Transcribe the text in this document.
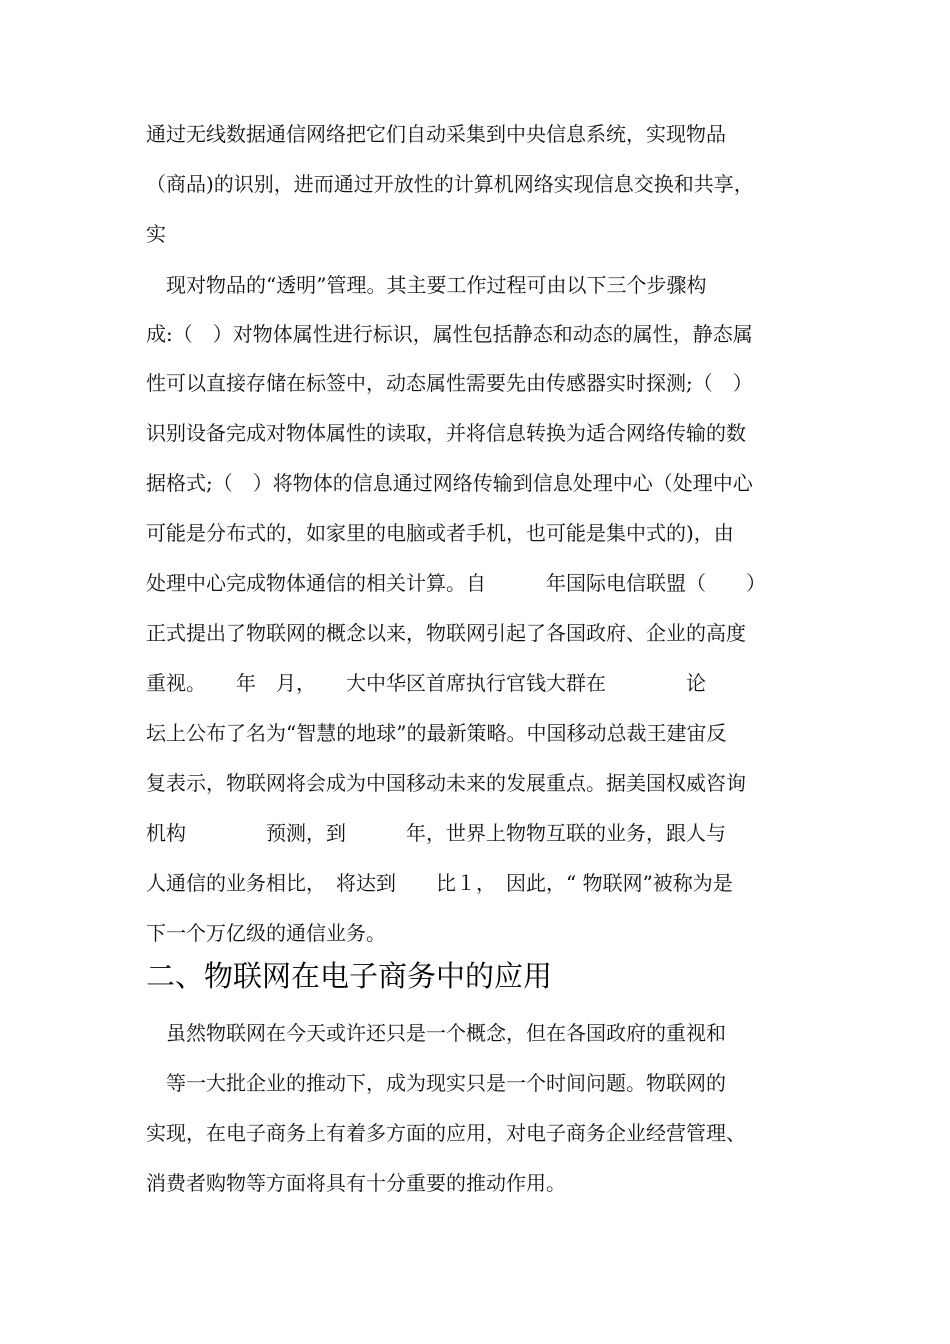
通过无线数据通信网络把它们自动采集到中央信息系统，实现物品
（商品)的识别，进而通过开放性的计算机网络实现信息交换和共享，
实
　现对物品的“透明”管理。其主要工作过程可由以下三个步骤构
成:（　）对物体属性进行标识，属性包括静态和动态的属性，静态属
性可以直接存储在标签中，动态属性需要先由传感器实时探测;（　）
识别设备完成对物体属性的读取，并将信息转换为适合网络传输的数
据格式;（　）将物体的信息通过网络传输到信息处理中心（处理中心
可能是分布式的，如家里的电脑或者手机，也可能是集中式的)，由
处理中心完成物体通信的相关计算。自　　　年国际电信联盟（　　）
正式提出了物联网的概念以来，物联网引起了各国政府、企业的高度
重视。　　年　月，　　大中华区首席执行官钱大群在　　　　论
坛上公布了名为“智慧的地球”的最新策略。中国移动总裁王建宙反
复表示，物联网将会成为中国移动未来的发展重点。据美国权威咨询
机构　　　　预测，到　　　年，世界上物物互联的业务，跟人与
人通信的业务相比，　将达到　　比１，　因此，“ 物联网”被称为是
下一个万亿级的通信业务。
二、物联网在电子商务中的应用
　虽然物联网在今天或许还只是一个概念，但在各国政府的重视和
　等一大批企业的推动下，成为现实只是一个时间问题。物联网的
实现，在电子商务上有着多方面的应用，对电子商务企业经营管理、
消费者购物等方面将具有十分重要的推动作用。
